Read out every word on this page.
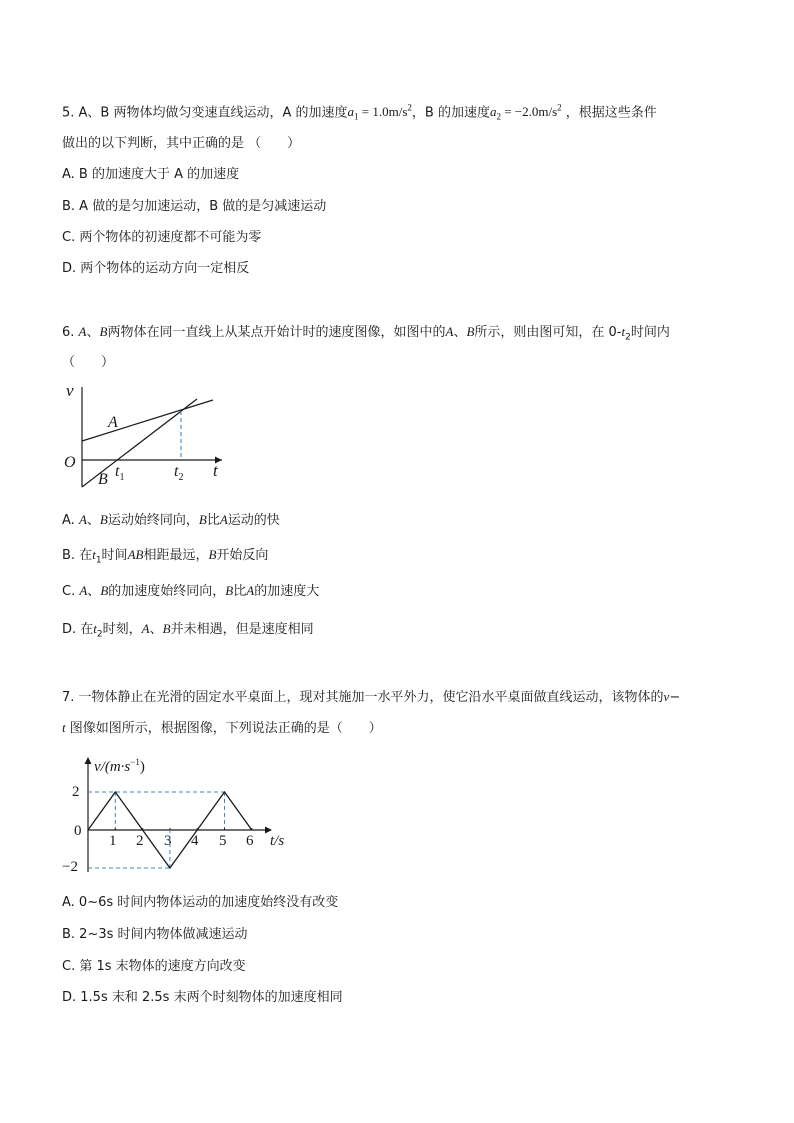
5. A、B 两物体均做匀变速直线运动，A 的加速度$a_1 = 1.0m/s^2$，B 的加速度$a_2 = -2.0m/s^2$ ，根据这些条件
做出的以下判断，其中正确的是 （　　）
A. B 的加速度大于 A 的加速度
B. A 做的是匀加速运动，B 做的是匀减速运动
C. 两个物体的初速度都不可能为零
D. 两个物体的运动方向一定相反
6. A、B两物体在同一直线上从某点开始计时的速度图像，如图中的A、B所示，则由图可知，在 $0-t_2$时间内
（　　）
v
O
A
B $t_1$	$t_2$ t
A. A、B运动始终同向，B比A运动的快
B. 在$t_1$时间AB相距最远，B开始反向
C. A、B的加速度始终同向，B比A的加速度大
D. 在$t_2$时刻，A、B并未相遇，但是速度相同
7. 一物体静止在光滑的固定水平桌面上，现对其施加一水平外力，使它沿水平桌面做直线运动，该物体的v−
t 图像如图所示，根据图像，下列说法正确的是（　　）
$v/(m\cdot s^{-1})$
t/s
2
0
−2
1 2 3 4 5 6
A. 0~6s 时间内物体运动的加速度始终没有改变
B. 2~3s 时间内物体做减速运动
C. 第 1s 末物体的速度方向改变
D. 1.5s 末和 2.5s 末两个时刻物体的加速度相同
